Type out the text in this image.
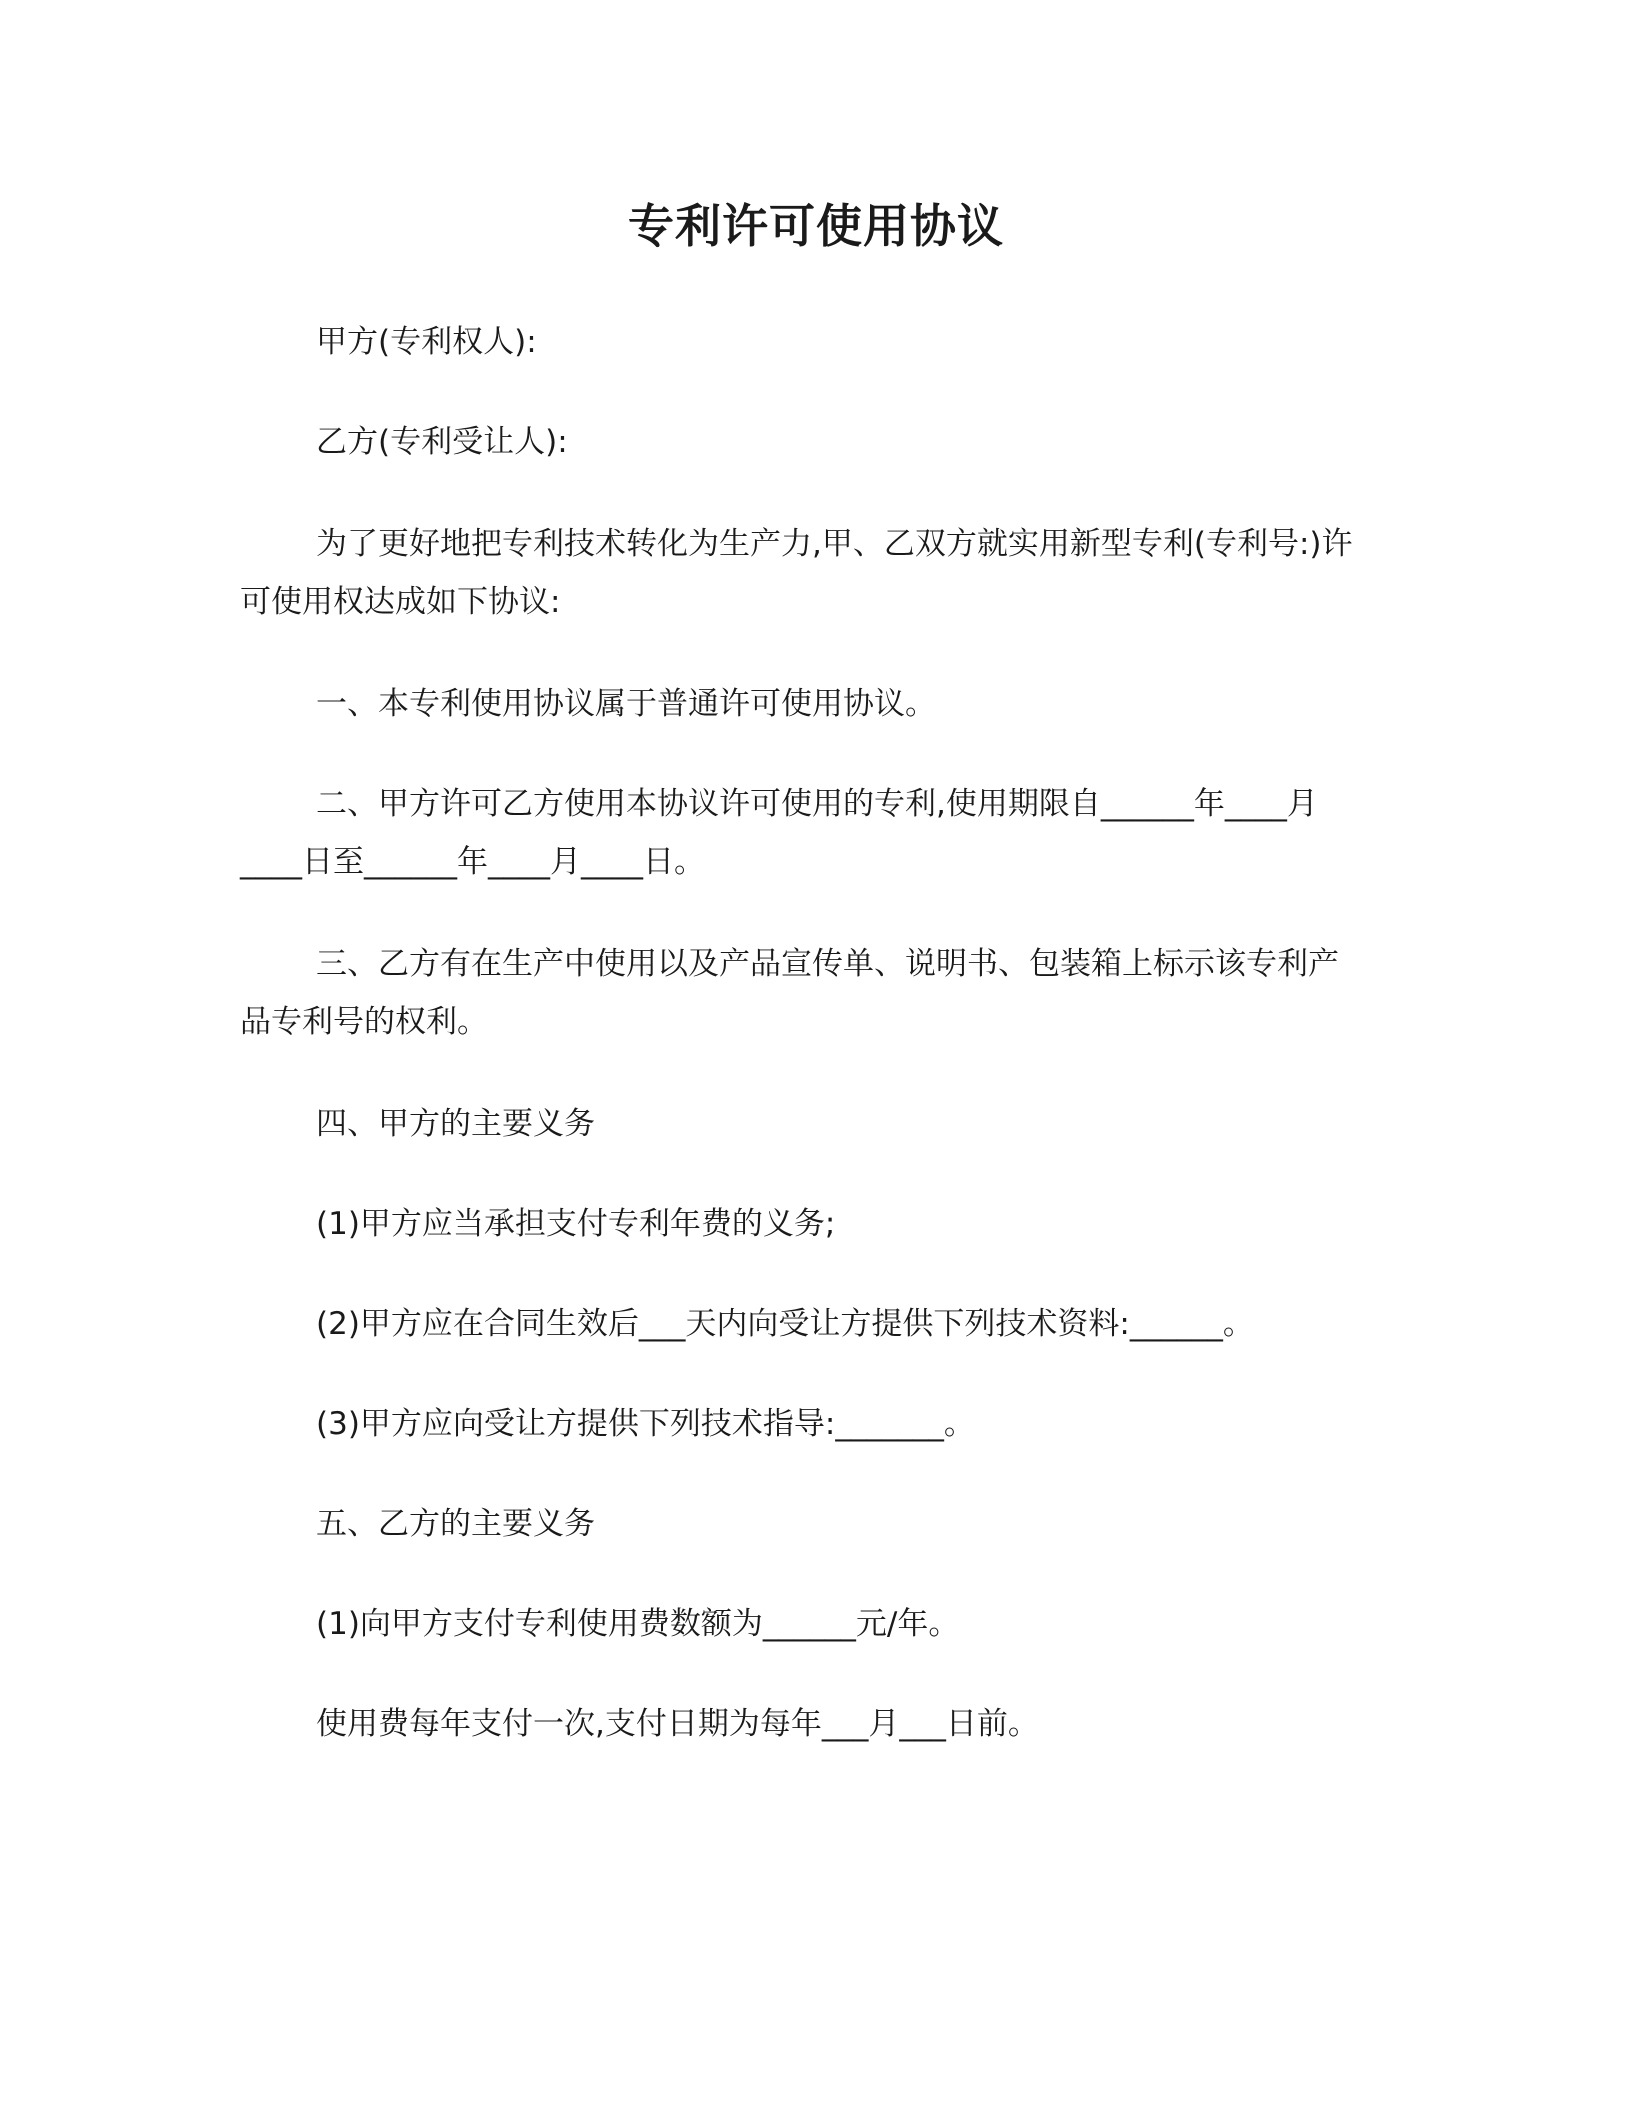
专利许可使用协议
甲方(专利权人):
乙方(专利受让人):
为了更好地把专利技术转化为生产力,甲、乙双方就实用新型专利(专利号:)许
可使用权达成如下协议:
一、本专利使用协议属于普通许可使用协议。
二、甲方许可乙方使用本协议许可使用的专利,使用期限自______年____月
____日至______年____月____日。
三、乙方有在生产中使用以及产品宣传单、说明书、包装箱上标示该专利产
品专利号的权利。
四、甲方的主要义务
(1)甲方应当承担支付专利年费的义务;
(2)甲方应在合同生效后___天内向受让方提供下列技术资料:______。
(3)甲方应向受让方提供下列技术指导:_______。
五、乙方的主要义务
(1)向甲方支付专利使用费数额为______元/年。
使用费每年支付一次,支付日期为每年___月___日前。
